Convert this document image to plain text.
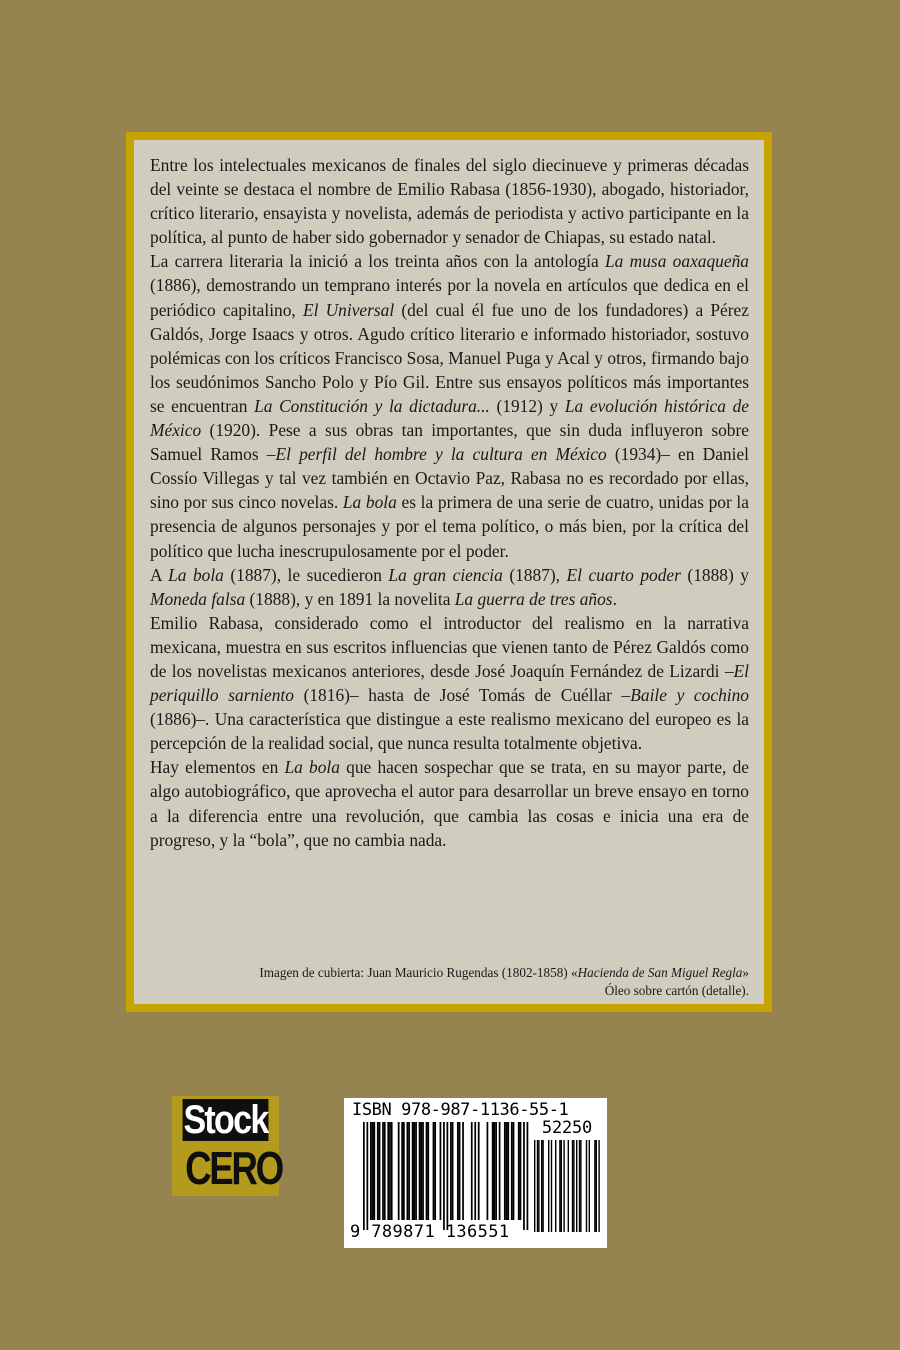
Entre los intelectuales mexicanos de finales del siglo diecinueve y primeras décadas del veinte se destaca el nombre de Emilio Rabasa (1856-1930), abogado, historiador, crítico literario, ensayista y novelista, además de periodista y activo participante en la política, al punto de haber sido gobernador y senador de Chiapas, su estado natal.

La carrera literaria la inició a los treinta años con la antología La musa oaxaqueña (1886), demostrando un temprano interés por la novela en artículos que dedica en el periódico capitalino, El Universal (del cual él fue uno de los fundadores) a Pérez Galdós, Jorge Isaacs y otros. Agudo crítico literario e informado historiador, sostuvo polémicas con los críticos Francisco Sosa, Manuel Puga y Acal y otros, firmando bajo los seudónimos Sancho Polo y Pío Gil. Entre sus ensayos políticos más importantes se encuentran La Constitución y la dictadura... (1912) y La evolución histórica de México (1920). Pese a sus obras tan importantes, que sin duda influyeron sobre Samuel Ramos –El perfil del hombre y la cultura en México (1934)– en Daniel Cossío Villegas y tal vez también en Octavio Paz, Rabasa no es recordado por ellas, sino por sus cinco novelas. La bola es la primera de una serie de cuatro, unidas por la presencia de algunos personajes y por el tema político, o más bien, por la crítica del político que lucha inescrupulosamente por el poder.

A La bola (1887), le sucedieron La gran ciencia (1887), El cuarto poder (1888) y Moneda falsa (1888), y en 1891 la novelita La guerra de tres años.

Emilio Rabasa, considerado como el introductor del realismo en la narrativa mexicana, muestra en sus escritos influencias que vienen tanto de Pérez Galdós como de los novelistas mexicanos anteriores, desde José Joaquín Fernández de Lizardi –El periquillo sarniento (1816)– hasta de José Tomás de Cuéllar –Baile y cochino (1886)–. Una característica que distingue a este realismo mexicano del europeo es la percepción de la realidad social, que nunca resulta totalmente objetiva.

Hay elementos en La bola que hacen sospechar que se trata, en su mayor parte, de algo autobiográfico, que aprovecha el autor para desarrollar un breve ensayo en torno a la diferencia entre una revolución, que cambia las cosas e inicia una era de progreso, y la “bola”, que no cambia nada.

Imagen de cubierta: Juan Mauricio Rugendas (1802-1858) «Hacienda de San Miguel Regla»
Óleo sobre cartón (detalle).
Stock
CERO
ISBN 978-987-1136-55-1
52250
9 789871 136551
